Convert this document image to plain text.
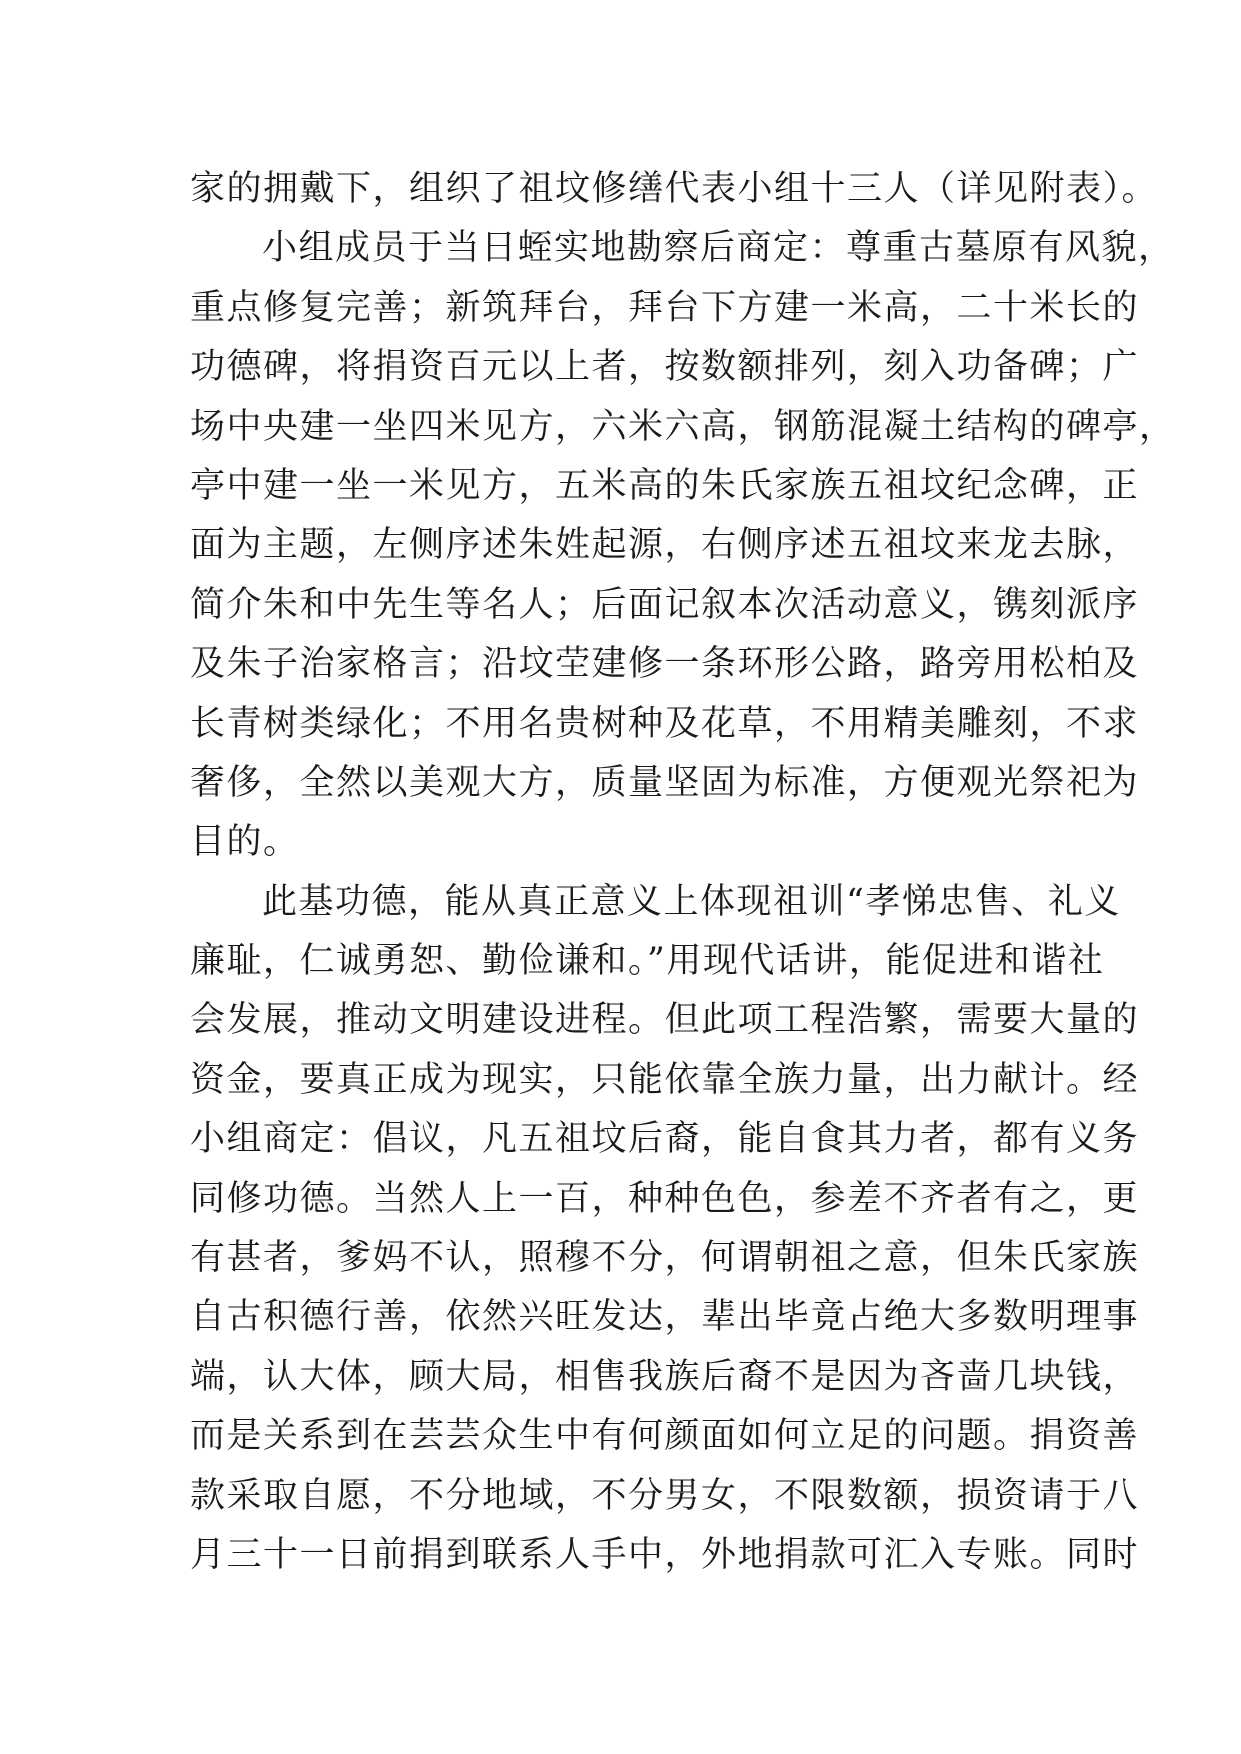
家的拥戴下，组织了祖坟修缮代表小组十三人（详见附表）。
小组成员于当日蛭实地勘察后商定：尊重古墓原有风貌，
重点修复完善；新筑拜台，拜台下方建一米高，二十米长的
功德碑，将捐资百元以上者，按数额排列，刻入功备碑；广
场中央建一坐四米见方，六米六高，钢筋混凝土结构的碑亭，
亭中建一坐一米见方，五米高的朱氏家族五祖坟纪念碑，正
面为主题，左侧序述朱姓起源，右侧序述五祖坟来龙去脉，
简介朱和中先生等名人；后面记叙本次活动意义，镌刻派序
及朱子治家格言；沿坟茔建修一条环形公路，路旁用松柏及
长青树类绿化；不用名贵树种及花草，不用精美雕刻，不求
奢侈，全然以美观大方，质量坚固为标准，方便观光祭祀为
目的。
此基功德，能从真正意义上体现祖训“孝悌忠售、礼义
廉耻，仁诚勇恕、勤俭谦和。”用现代话讲，能促进和谐社
会发展，推动文明建设进程。但此项工程浩繁，需要大量的
资金，要真正成为现实，只能依靠全族力量，出力献计。经
小组商定：倡议，凡五祖坟后裔，能自食其力者，都有义务
同修功德。当然人上一百，种种色色，参差不齐者有之，更
有甚者，爹妈不认，照穆不分，何谓朝祖之意，但朱氏家族
自古积德行善，依然兴旺发达，辈出毕竟占绝大多数明理事
端，认大体，顾大局，相售我族后裔不是因为吝啬几块钱，
而是关系到在芸芸众生中有何颜面如何立足的问题。捐资善
款采取自愿，不分地域，不分男女，不限数额，损资请于八
月三十一日前捐到联系人手中，外地捐款可汇入专账。同时
